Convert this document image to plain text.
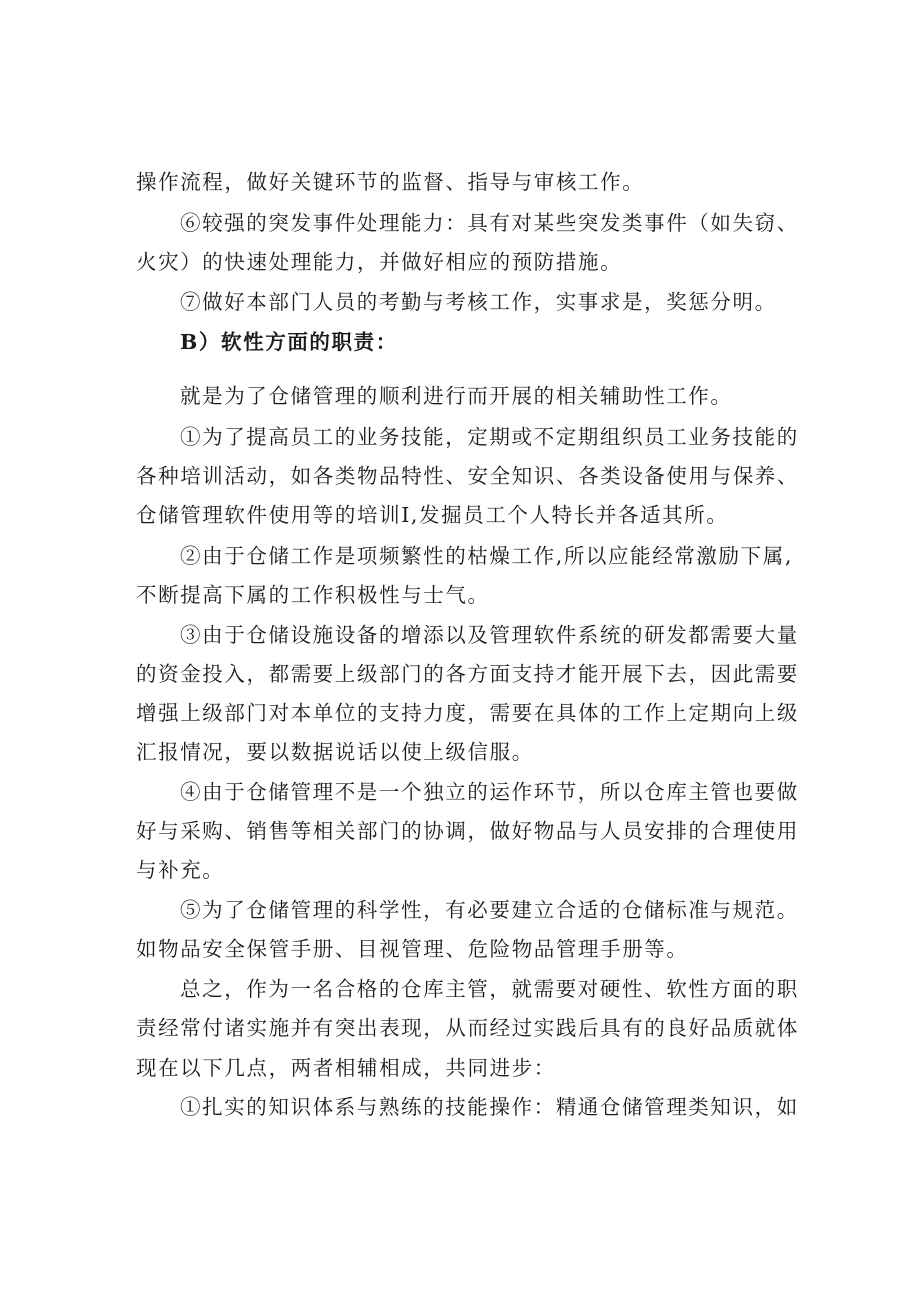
操作流程，做好关键环节的监督、指导与审核工作。
⑥较强的突发事件处理能力：具有对某些突发类事件（如失窃、
火灾）的快速处理能力，并做好相应的预防措施。
⑦做好本部门人员的考勤与考核工作，实事求是，奖惩分明。
B）软性方面的职责：
就是为了仓储管理的顺利进行而开展的相关辅助性工作。
①为了提高员工的业务技能，定期或不定期组织员工业务技能的
各种培训活动，如各类物品特性、安全知识、各类设备使用与保养、
仓储管理软件使用等的培训I,发掘员工个人特长并各适其所。
②由于仓储工作是项频繁性的枯燥工作,所以应能经常激励下属,
不断提高下属的工作积极性与士气。
③由于仓储设施设备的增添以及管理软件系统的研发都需要大量
的资金投入，都需要上级部门的各方面支持才能开展下去，因此需要
增强上级部门对本单位的支持力度，需要在具体的工作上定期向上级
汇报情况，要以数据说话以使上级信服。
④由于仓储管理不是一个独立的运作环节，所以仓库主管也要做
好与采购、销售等相关部门的协调，做好物品与人员安排的合理使用
与补充。
⑤为了仓储管理的科学性，有必要建立合适的仓储标准与规范。
如物品安全保管手册、目视管理、危险物品管理手册等。
总之，作为一名合格的仓库主管，就需要对硬性、软性方面的职
责经常付诸实施并有突出表现，从而经过实践后具有的良好品质就体
现在以下几点，两者相辅相成，共同进步：
①扎实的知识体系与熟练的技能操作：精通仓储管理类知识，如
